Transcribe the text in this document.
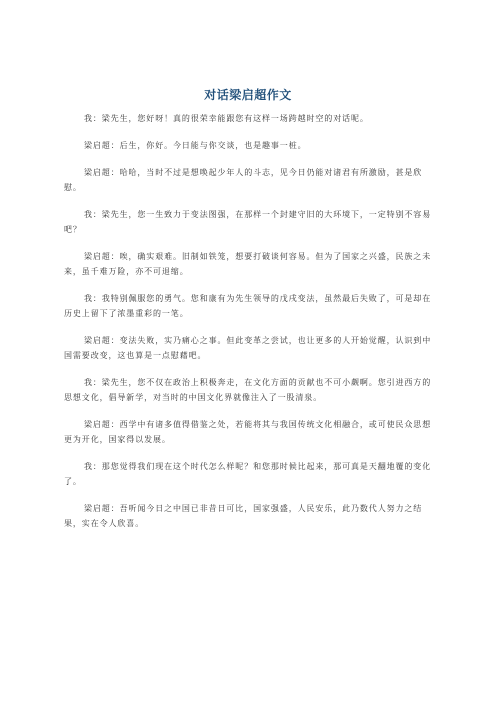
对话梁启超作文

我：梁先生，您好呀！真的很荣幸能跟您有这样一场跨越时空的对话呢。

梁启超：后生，你好。今日能与你交谈，也是趣事一桩。

梁启超：哈哈，当时不过是想唤起少年人的斗志，见今日仍能对诸君有所激励，甚是欣慰。

我：梁先生，您一生致力于变法图强，在那样一个封建守旧的大环境下，一定特别不容易吧？

梁启超：唉，确实艰难。旧制如铁笼，想要打破谈何容易。但为了国家之兴盛，民族之未来，虽千难万险，亦不可退缩。

我：我特别佩服您的勇气。您和康有为先生领导的戊戌变法，虽然最后失败了，可是却在历史上留下了浓墨重彩的一笔。

梁启超：变法失败，实乃痛心之事。但此变革之尝试，也让更多的人开始觉醒，认识到中国需要改变，这也算是一点慰藉吧。

我：梁先生，您不仅在政治上积极奔走，在文化方面的贡献也不可小觑啊。您引进西方的思想文化，倡导新学，对当时的中国文化界就像注入了一股清泉。

梁启超：西学中有诸多值得借鉴之处，若能将其与我国传统文化相融合，或可使民众思想更为开化，国家得以发展。

我：那您觉得我们现在这个时代怎么样呢？和您那时候比起来，那可真是天翻地覆的变化了。

梁启超：吾听闻今日之中国已非昔日可比，国家强盛，人民安乐，此乃数代人努力之结果，实在令人欣喜。
